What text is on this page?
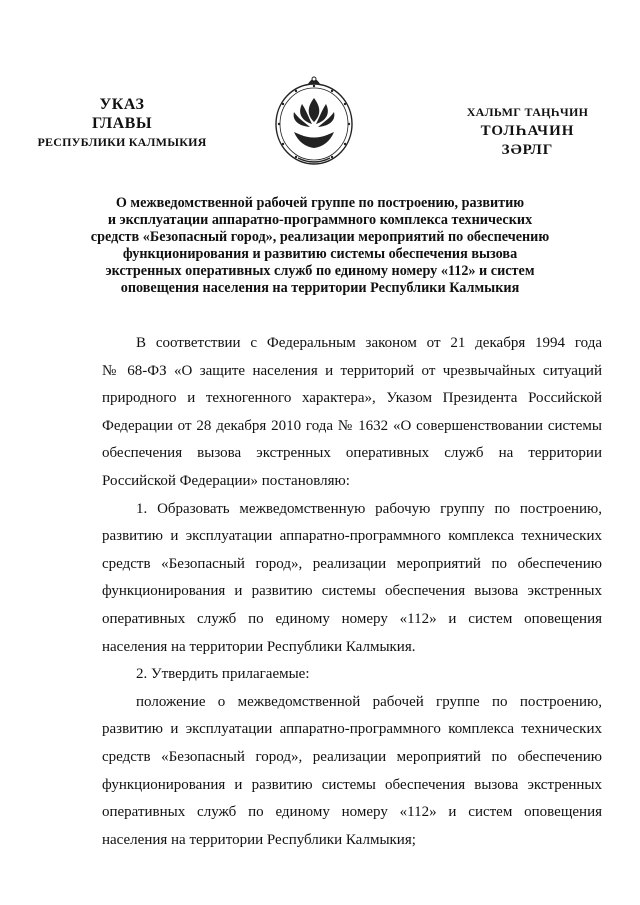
УКАЗ
ГЛАВЫ
РЕСПУБЛИКИ КАЛМЫКИЯ
ХАЛЬМГ ТАҢҺЧИН
ТОЛҺАЧИН
ЗӘРЛГ
О межведомственной рабочей группе по построению, развитию
и эксплуатации аппаратно-программного комплекса технических
средств «Безопасный город», реализации мероприятий по обеспечению
функционирования и развитию системы обеспечения вызова
экстренных оперативных служб по единому номеру «112» и систем
оповещения населения на территории Республики Калмыкия
В соответствии с Федеральным законом от 21 декабря 1994 года
№ 68-ФЗ «О защите населения и территорий от чрезвычайных ситуаций
природного и техногенного характера», Указом Президента Российской
Федерации от 28 декабря 2010 года № 1632 «О совершенствовании системы
обеспечения вызова экстренных оперативных служб на территории
Российской Федерации» постановляю:
1. Образовать межведомственную рабочую группу по построению,
развитию и эксплуатации аппаратно-программного комплекса технических
средств «Безопасный город», реализации мероприятий по обеспечению
функционирования и развитию системы обеспечения вызова экстренных
оперативных служб по единому номеру «112» и систем оповещения
населения на территории Республики Калмыкия.
2. Утвердить прилагаемые:
положение о межведомственной рабочей группе по построению,
развитию и эксплуатации аппаратно-программного комплекса технических
средств «Безопасный город», реализации мероприятий по обеспечению
функционирования и развитию системы обеспечения вызова экстренных
оперативных служб по единому номеру «112» и систем оповещения
населения на территории Республики Калмыкия;
